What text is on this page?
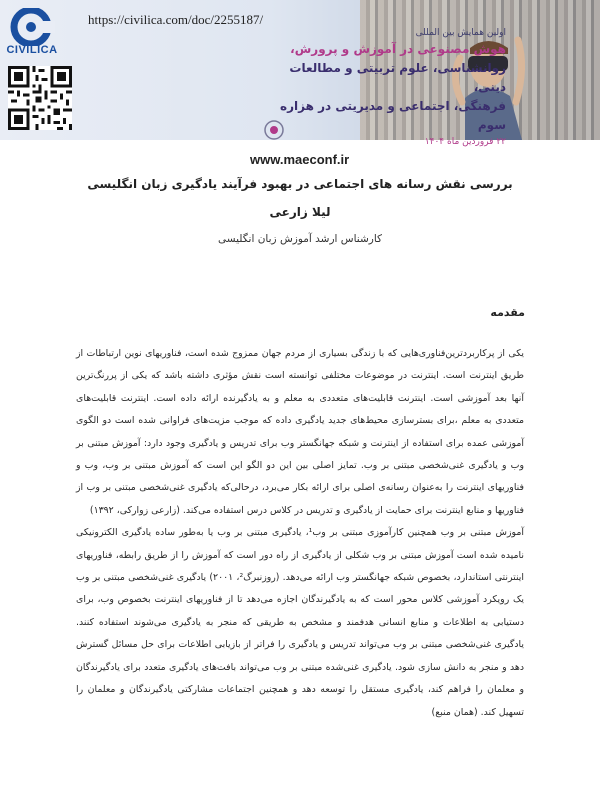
CIVILICA
https://civilica.com/doc/2255187/
اولین همایش بین المللی
هوش مصنوعی در آموزش و پرورش،
روانشناسی، علوم تربیتی و مطالعات دینی،
فرهنگی، اجتماعی و مدیریتی در هزاره سوم
۲۲ فروردین ماه ۱۴۰۴
www.maeconf.ir
بررسی نقش رسانه های اجتماعی در بهبود فرآیند یادگیری زبان انگلیسی
لیلا زارعی
کارشناس ارشد آموزش زبان انگلیسی
مقدمه

یکی از پرکاربردترین‌فناوری‌هایی که با زندگی بسیاری از مردم جهان ممزوج شده است، فناوریهای نوین ارتباطات از طریق اینترنت است. اینترنت در موضوعات مختلفی توانسته است نقش مؤثری داشته باشد که یکی از پررنگ‌ترین آنها بعد آموزشی است. اینترنت قابلیت‌های متعددی به معلم و به یادگیرنده ارائه داده است. اینترنت قابلیت‌های متعددی به معلم ،برای بسترسازی محیط‌های جدید یادگیری داده که موجب مزیت‌های فراوانی شده است دو الگوی آموزشی عمده برای استفاده از اینترنت و شبکه جهانگستر وب برای تدریس و یادگیری وجود دارد: آموزش مبتنی بر وب و یادگیری غنی‌شخصی مبتنی بر وب. تمایز اصلی بین این دو الگو این است که آموزش مبتنی بر وب، وب و فناوریهای اینترنت را به‌عنوان رسانه‌ی اصلی برای ارائه بکار می‌برد، درحالی‌که یادگیری غنی‌شخصی مبتنی بر وب از فناوریها و منابع اینترنت برای حمایت از یادگیری و تدریس در کلاس درس استفاده می‌کند. (زارعی زوارکی، ۱۳۹۲)

آموزش مبتنی بر وب همچنین کارآموزی مبتنی بر وب¹، یادگیری مبتنی بر وب یا به‌طور ساده یادگیری الکترونیکی نامیده شده است آموزش مبتنی بر وب شکلی از یادگیری از راه دور است که آموزش را از طریق رابطه، فناوریهای اینترنتی استاندارد، بخصوص شبکه جهانگستر وب ارائه می‌دهد. (روزنبرگ²، ۲۰۰۱) یادگیری غنی‌شخصی مبتنی بر وب یک رویکرد آموزشی کلاس محور است که به یادگیرندگان اجازه می‌دهد تا از فناوریهای اینترنت بخصوص وب، برای دستیابی به اطلاعات و منابع انسانی هدفمند و مشخص به طریقی که منجر به یادگیری می‌شوند استفاده کنند. یادگیری غنی‌شخصی مبتنی بر وب می‌تواند تدریس و یادگیری را فراتر از بازیابی اطلاعات برای حل مسائل گسترش دهد و منجر به دانش سازی شود. یادگیری غنی‌شده مبتنی بر وب می‌تواند بافت‌های یادگیری متعدد برای یادگیرندگان و معلمان را فراهم کند، یادگیری مستقل را توسعه دهد و همچنین اجتماعات مشارکتی یادگیرندگان و معلمان را تسهیل کند. (همان منبع)
